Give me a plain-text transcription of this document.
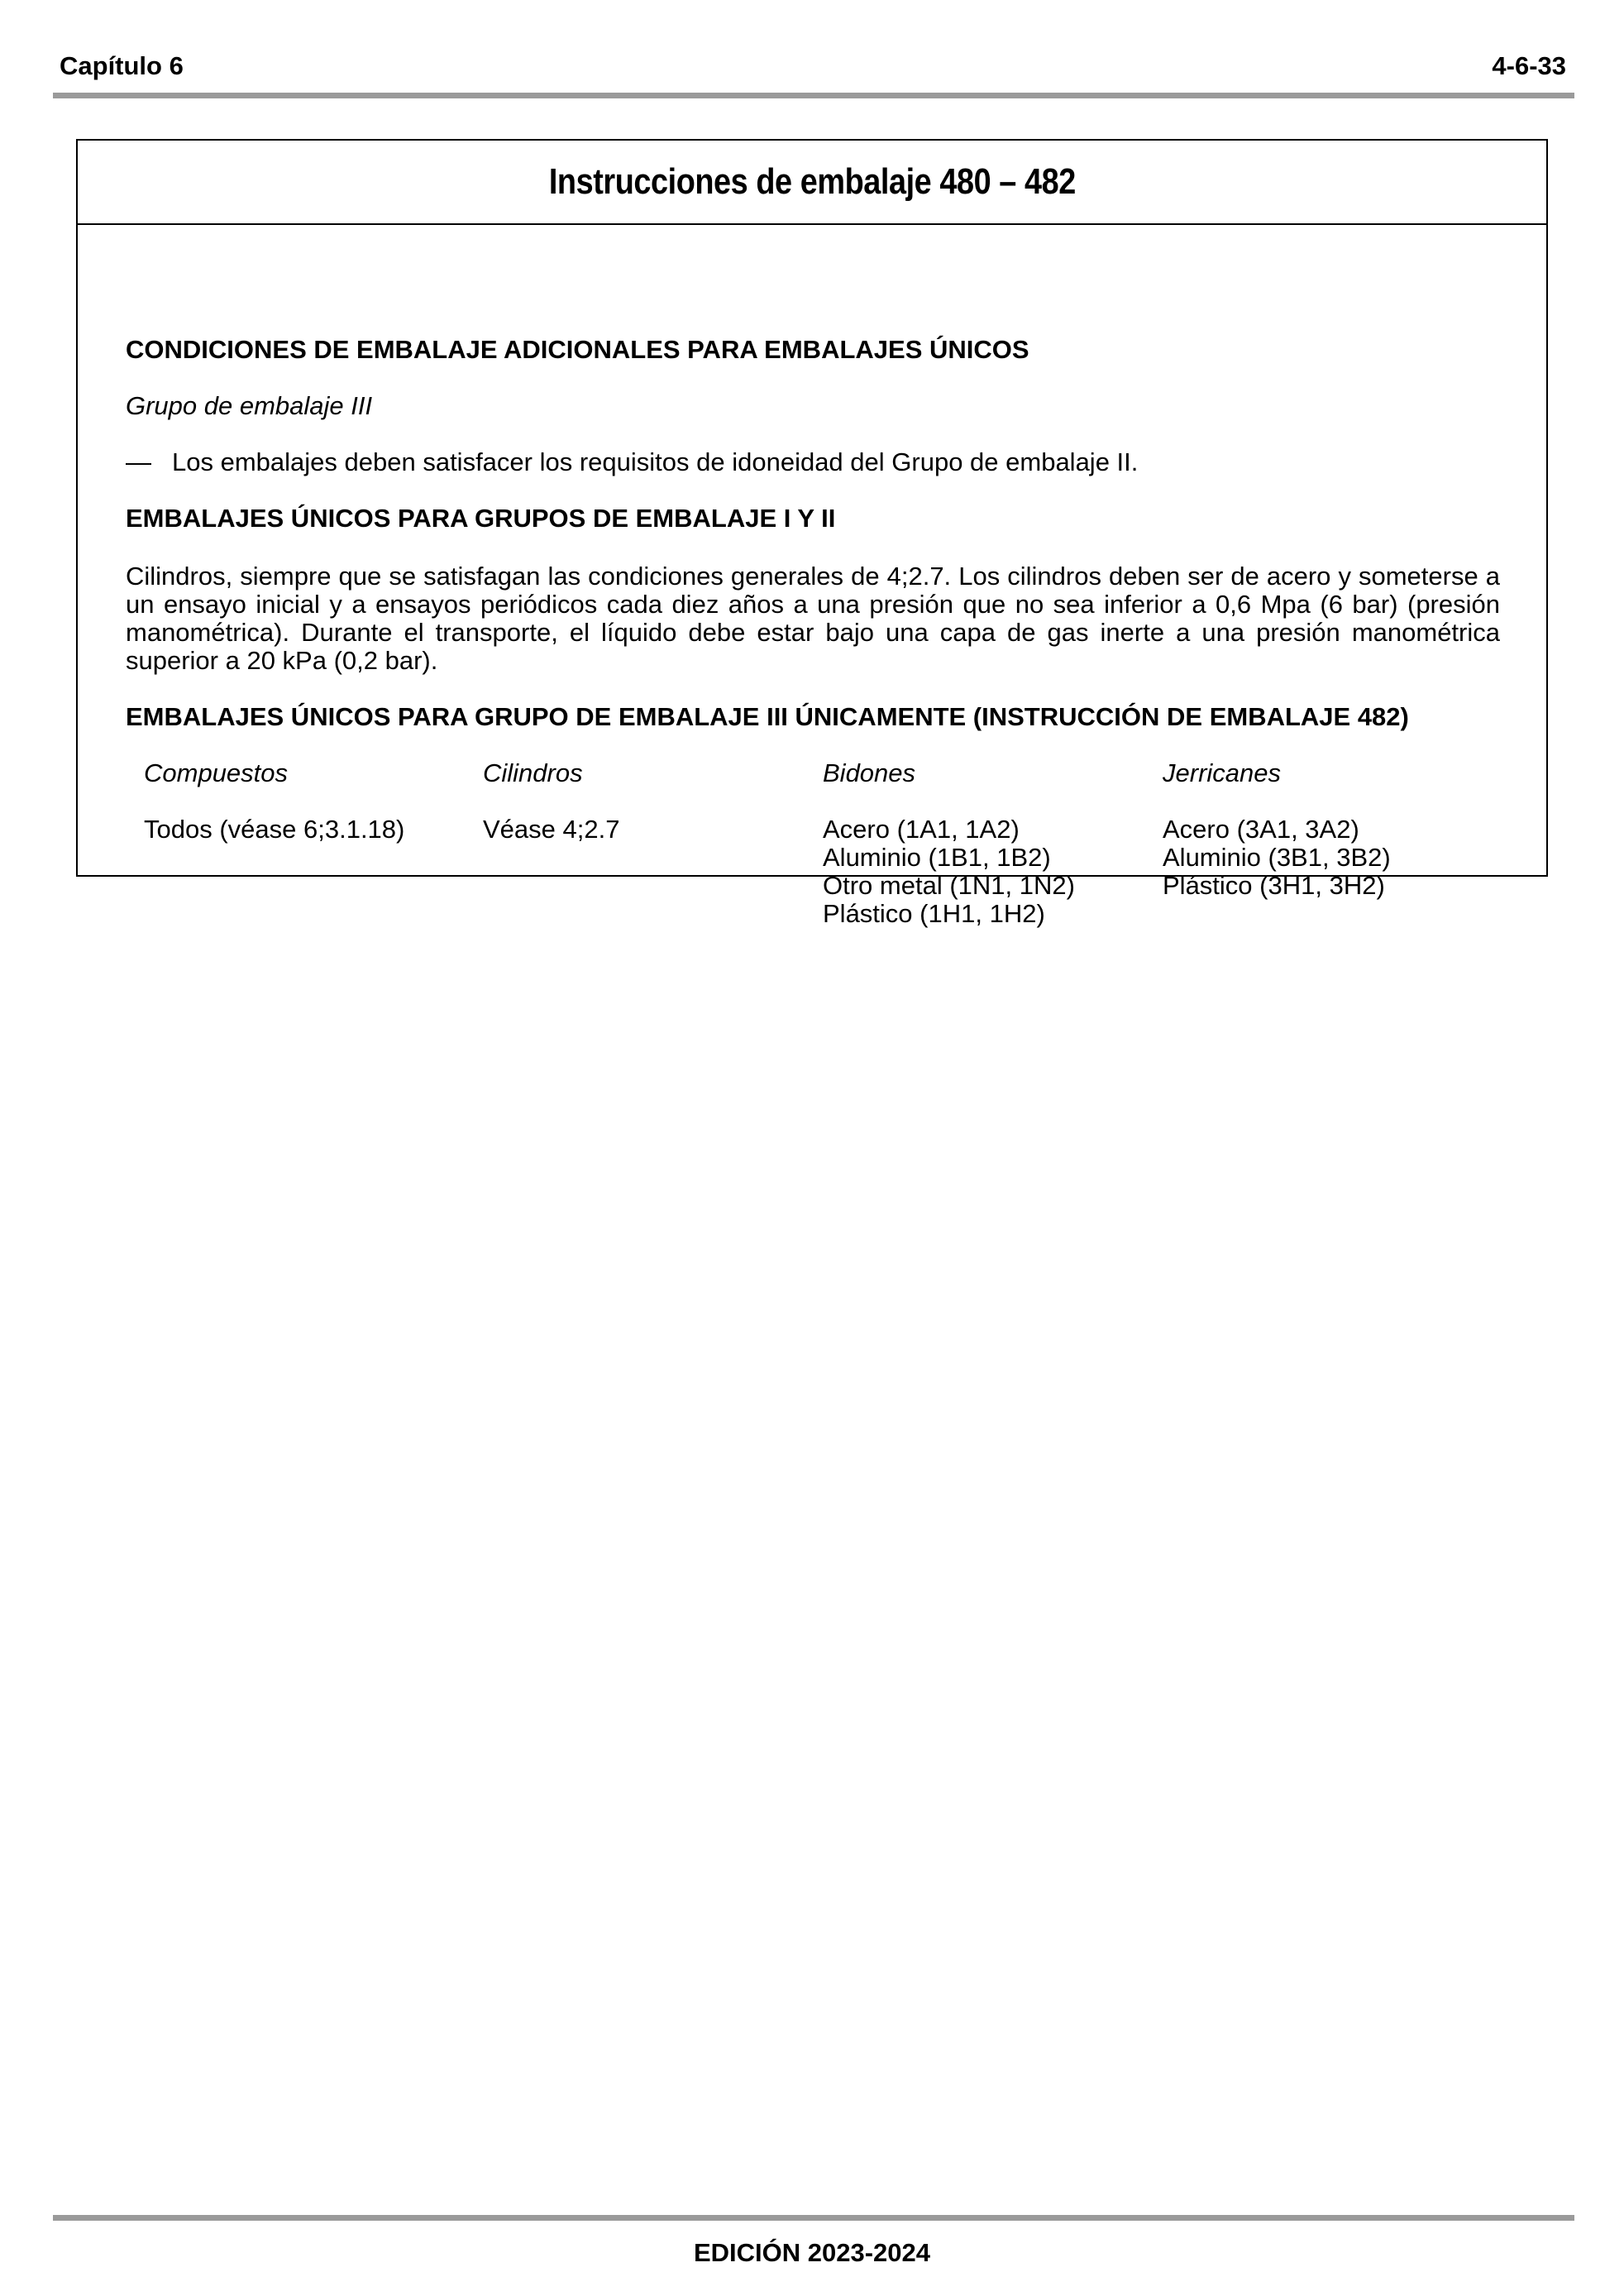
Capítulo 6	4-6-33
Instrucciones de embalaje 480 – 482
CONDICIONES DE EMBALAJE ADICIONALES PARA EMBALAJES ÚNICOS
Grupo de embalaje III
— Los embalajes deben satisfacer los requisitos de idoneidad del Grupo de embalaje II.
EMBALAJES ÚNICOS PARA GRUPOS DE EMBALAJE I Y II
Cilindros, siempre que se satisfagan las condiciones generales de 4;2.7. Los cilindros deben ser de acero y someterse a un ensayo inicial y a ensayos periódicos cada diez años a una presión que no sea inferior a 0,6 Mpa (6 bar) (presión manométrica). Durante el transporte, el líquido debe estar bajo una capa de gas inerte a una presión manométrica superior a 20 kPa (0,2 bar).
EMBALAJES ÚNICOS PARA GRUPO DE EMBALAJE III ÚNICAMENTE (INSTRUCCIÓN DE EMBALAJE 482)
Compuestos
Todos (véase 6;3.1.18)
Cilindros
Véase 4;2.7
Bidones
Acero (1A1, 1A2)
Aluminio (1B1, 1B2)
Otro metal (1N1, 1N2)
Plástico (1H1, 1H2)
Jerricanes
Acero (3A1, 3A2)
Aluminio (3B1, 3B2)
Plástico (3H1, 3H2)
EDICIÓN 2023-2024
